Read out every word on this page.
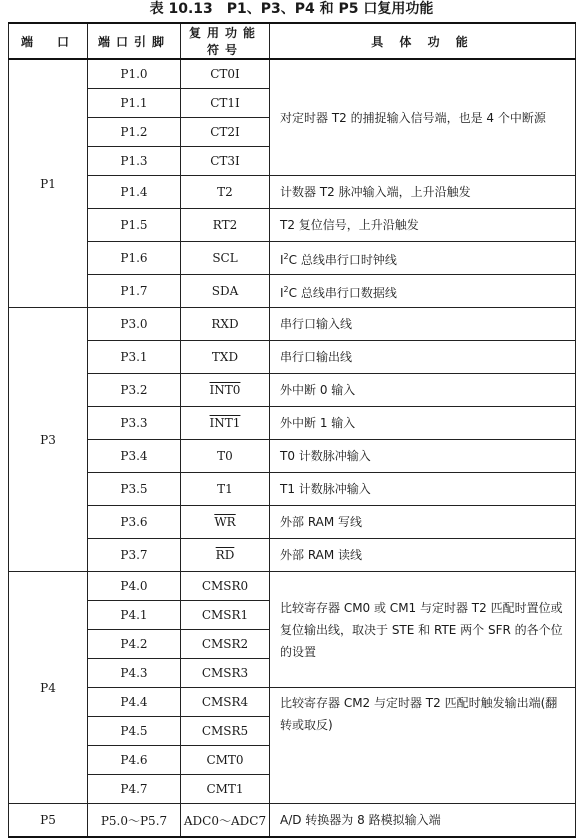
表 10.13　P1、P3、P4 和 P5 口复用功能
端　口	端口引脚	复用功能符号	具 体 功 能
P1	P1.0	CT0I	对定时器 T2 的捕捉输入信号端，也是 4 个中断源
	P1.1	CT1I	
	P1.2	CT2I	
	P1.3	CT3I	
	P1.4	T2	计数器 T2 脉冲输入端，上升沿触发
	P1.5	RT2	T2 复位信号，上升沿触发
	P1.6	SCL	$I^2C$ 总线串行口时钟线
	P1.7	SDA	$I^2C$ 总线串行口数据线
P3	P3.0	RXD	串行口输入线
	P3.1	TXD	串行口输出线
	P3.2	INT0	外中断 0 输入
	P3.3	INT1	外中断 1 输入
	P3.4	T0	T0 计数脉冲输入
	P3.5	T1	T1 计数脉冲输入
	P3.6	$\overline{WR}$	外部 RAM 写线
	P3.7	$\overline{RD}$	外部 RAM 读线
P4	P4.0	CMSR0	比较寄存器 CM0 或 CM1 与定时器 T2 匹配时置位或复位输出线，取决于 STE 和 RTE 两个 SFR 的各个位的设置
	P4.1	CMSR1	
	P4.2	CMSR2	
	P4.3	CMSR3	
	P4.4	CMSR4	比较寄存器 CM2 与定时器 T2 匹配时触发输出端(翻转或取反)
	P4.5	CMSR5	
	P4.6	CMT0	
	P4.7	CMT1	
P5	P5.0～P5.7	ADC0～ADC7	A/D 转换器为 8 路模拟输入端
